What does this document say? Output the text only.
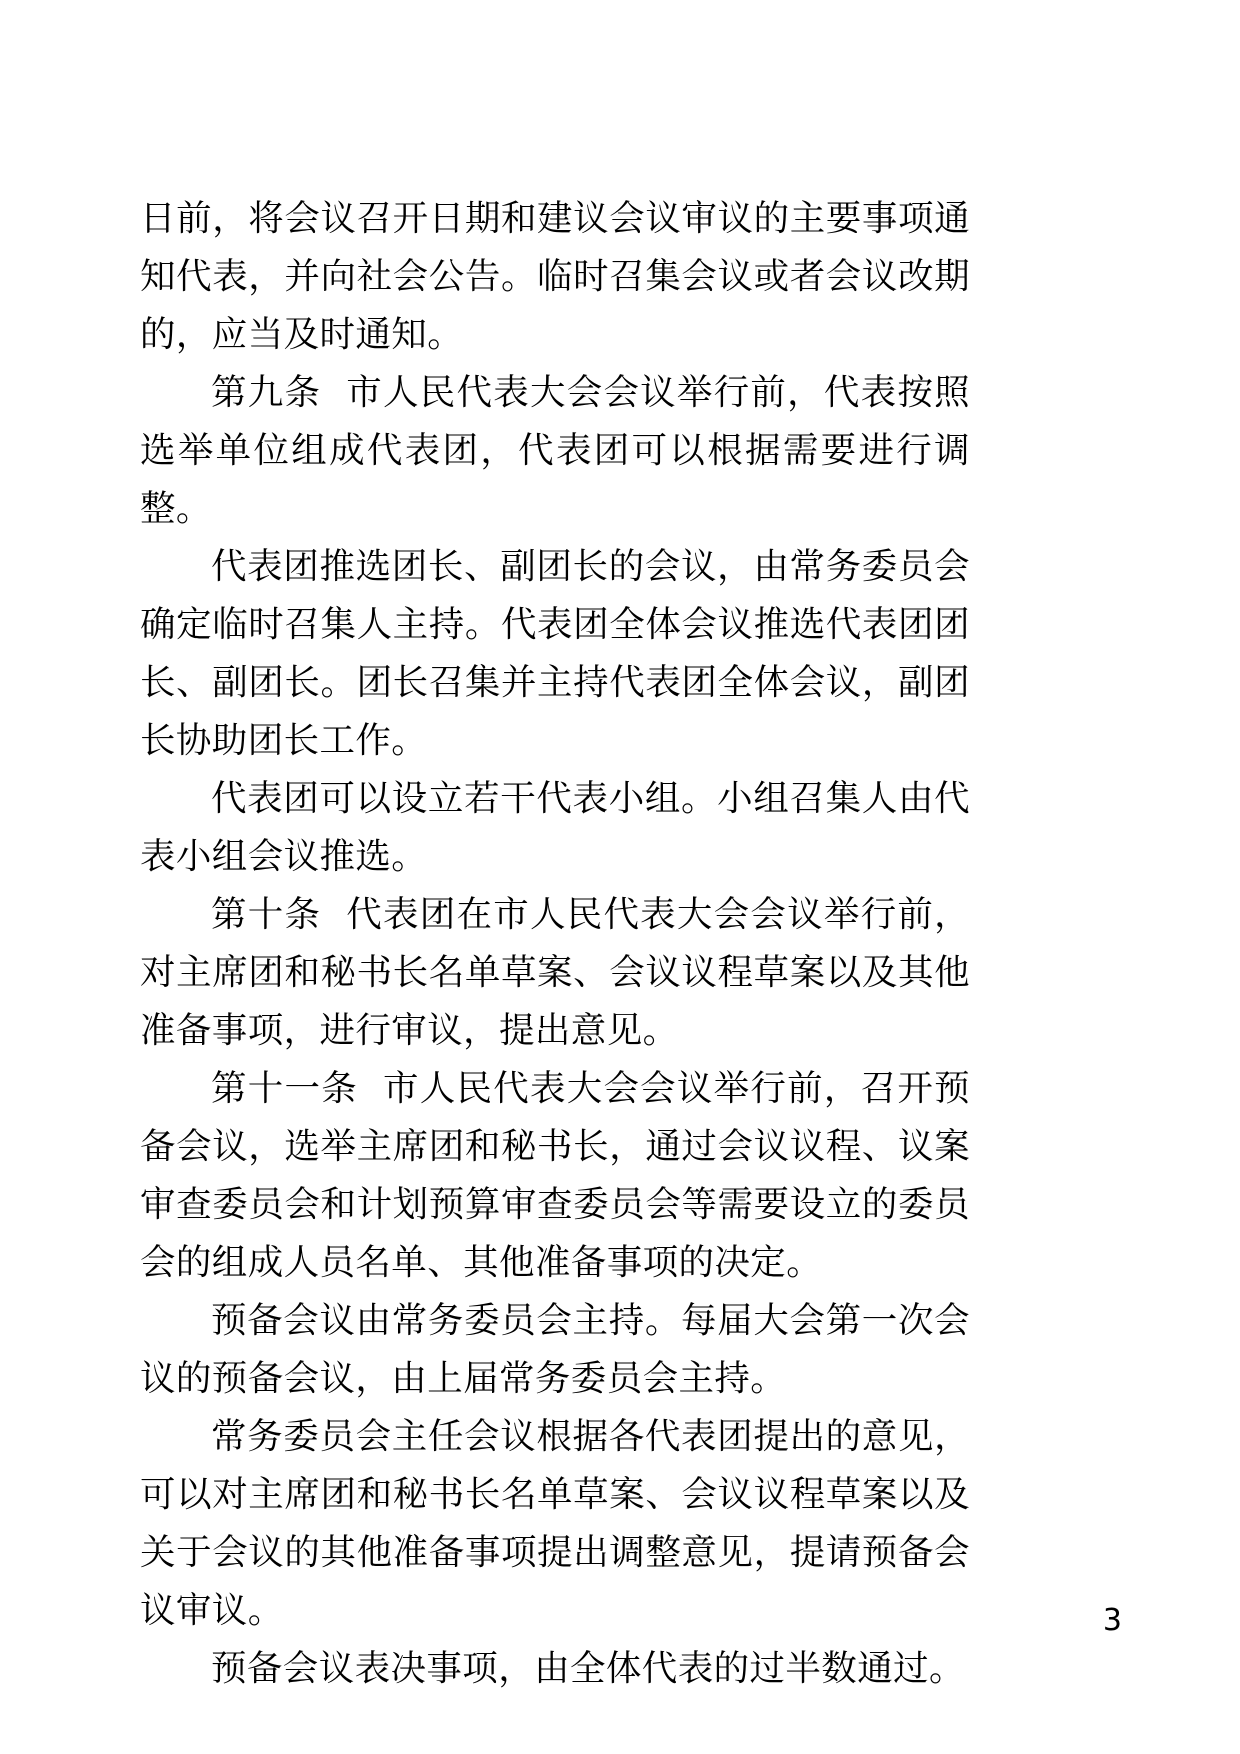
日前，将会议召开日期和建议会议审议的主要事项通知代表，并向社会公告。临时召集会议或者会议改期的，应当及时通知。

第九条  市人民代表大会会议举行前，代表按照选举单位组成代表团，代表团可以根据需要进行调整。

代表团推选团长、副团长的会议，由常务委员会确定临时召集人主持。代表团全体会议推选代表团团长、副团长。团长召集并主持代表团全体会议，副团长协助团长工作。

代表团可以设立若干代表小组。小组召集人由代表小组会议推选。

第十条  代表团在市人民代表大会会议举行前，对主席团和秘书长名单草案、会议议程草案以及其他准备事项，进行审议，提出意见。

第十一条  市人民代表大会会议举行前，召开预备会议，选举主席团和秘书长，通过会议议程、议案审查委员会和计划预算审查委员会等需要设立的委员会的组成人员名单、其他准备事项的决定。

预备会议由常务委员会主持。每届大会第一次会议的预备会议，由上届常务委员会主持。

常务委员会主任会议根据各代表团提出的意见，可以对主席团和秘书长名单草案、会议议程草案以及关于会议的其他准备事项提出调整意见，提请预备会议审议。

预备会议表决事项，由全体代表的过半数通过。

3
